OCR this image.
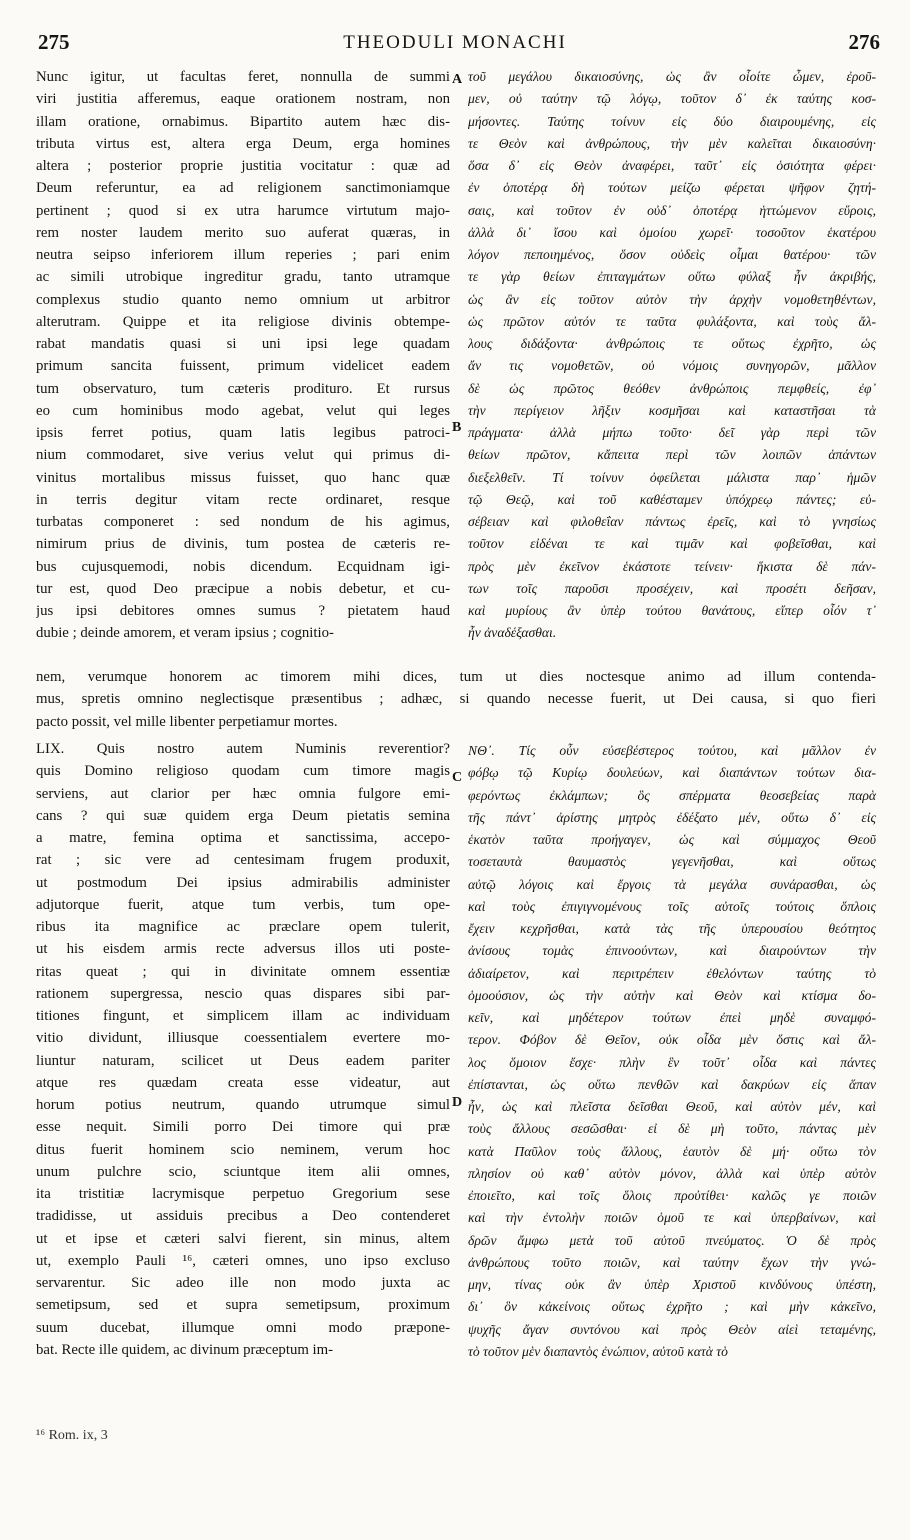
275	THEODULI MONACHI	276
A
B
C
D
Nunc igitur, ut facultas feret, nonnulla de summi
viri justitia afferemus, eaque orationem nostram, non
illam oratione, ornabimus. Bipartito autem hæc dis-
tributa virtus est, altera erga Deum, erga homines
altera ; posterior proprie justitia vocitatur : quæ ad
Deum referuntur, ea ad religionem sanctimoniamque
pertinent ; quod si ex utra harumce virtutum majo-
rem noster laudem merito suo auferat quæras, in
neutra seipso inferiorem illum reperies ; pari enim
ac simili utrobique ingreditur gradu, tanto utramque
complexus studio quanto nemo omnium ut arbitror
alterutram. Quippe et ita religiose divinis obtempe-
rabat mandatis quasi si uni ipsi lege quadam
primum sancita fuissent, primum videlicet eadem
tum observaturo, tum cæteris proditurо. Et rursus
eo cum hominibus modo agebat, velut qui leges
ipsis ferret potius, quam latis legibus patroci-
nium commodaret, sive verius velut qui primus di-
vinitus mortalibus missus fuisset, quo hanc quæ
in terris degitur vitam recte ordinaret, resque
turbatas componeret : sed nondum de his agimus,
nimirum prius de divinis, tum postea de cæteris re-
bus cujusquemodi, nobis dicendum. Ecquidnam igi-
tur est, quod Deo præcipue a nobis debetur, et cu-
jus ipsi debitores omnes sumus ? pietatem haud
dubie ; deinde amorem, et veram ipsius ; cognitio-
τοῦ μεγάλου δικαιοσύνης, ὡς ἂν οἷοίτε ὦμεν, ἐροῦ-
μεν, οὐ ταύτην τῷ λόγῳ, τοῦτον δ᾽ ἐκ ταύτης κοσ-
μήσοντες. Ταύτης τοίνυν εἰς δύο διαιρουμένης, εἰς
τε Θεὸν καὶ ἀνθρώπους, τὴν μὲν καλεῖται δικαιοσύνη·
ὅσα δ᾽ εἰς Θεὸν ἀναφέρει, ταῦτ᾽ εἰς ὁσιότητα φέρει·
ἐν ὁποτέρᾳ δὴ τούτων μείζω φέρεται ψῆφον ζητή-
σαις, καὶ τοῦτον ἐν οὐδ᾽ ὁποτέρᾳ ἡττώμενον εὕροις,
ἀλλὰ δι᾽ ἴσου καὶ ὁμοίου χωρεῖ· τοσοῦτον ἑκατέρου
λόγον πεποιημένος, ὅσον οὐδεὶς οἶμαι θατέρου· τῶν
τε γὰρ θείων ἐπιταγμάτων οὕτω φύλαξ ἦν ἀκριβής,
ὡς ἂν εἰς τοῦτον αὐτὸν τὴν ἀρχὴν νομοθετηθέντων,
ὡς πρῶτον αὐτόν τε ταῦτα φυλάξοντα, καὶ τοὺς ἄλ-
λους διδάξοντα· ἀνθρώποις τε οὕτως ἐχρῆτο, ὡς
ἄν τις νομοθετῶν, οὐ νόμοις συνηγορῶν, μᾶλλον
δὲ ὡς πρῶτος θεόθεν ἀνθρώποις πεμφθείς, ἐφ᾽
τὴν περίγειον λῆξιν κοσμῆσαι καὶ καταστῆσαι τὰ
πράγματα· ἀλλὰ μήπω τοῦτο· δεῖ γὰρ περὶ τῶν
θείων πρῶτον, κἄπειτα περὶ τῶν λοιπῶν ἁπάντων
διεξελθεῖν. Τί τοίνυν ὀφείλεται μάλιστα παρ᾽ ἡμῶν
τῷ Θεῷ, καὶ τοῦ καθέσταμεν ὑπόχρεῳ πάντες; εὐ-
σέβειαν καὶ φιλοθεΐαν πάντως ἐρεῖς, καὶ τὸ γνησίως
τοῦτον εἰδέναι τε καὶ τιμᾶν καὶ φοβεῖσθαι, καὶ
πρὸς μὲν ἐκεῖνον ἑκάστοτε τείνειν· ἥκιστα δὲ πάν-
των τοῖς παροῦσι προσέχειν, καὶ προσέτι δεῆσαν,
καὶ μυρίους ἂν ὑπὲρ τούτου θανάτους, εἴπερ οἷόν τ᾽
ἦν ἀναδέξασθαι.
nem, verumque honorem ac timorem mihi dices, tum ut dies noctesque animo ad illum contenda-
mus, spretis omnino neglectisque præsentibus ; adhæc, si quando necesse fuerit, ut Dei causa, si quo fieri
pacto possit, vel mille libenter perpetiamur mortes.
LIX. Quis nostro autem Numinis reverentior?
quis Domino religioso quodam cum timore magis
serviens, aut clarior per hæc omnia fulgore emi-
cans ? qui suæ quidem erga Deum pietatis semina
a matre, femina optima et sanctissima, accepo-
rat ; sic vere ad centesimam frugem produxit,
ut postmodum Dei ipsius admirabilis administer
adjutorque fuerit, atque tum verbis, tum ope-
ribus ita magnifice ac præclare opem tulerit,
ut his eisdem armis recte adversus illos uti poste-
ritas queat ; qui in divinitate omnem essentiæ
rationem supergressa, nescio quas dispares sibi par-
titiones fingunt, et simplicem illam ac individuam
vitio dividunt, illiusque coessentialem evertere mo-
liuntur naturam, scilicet ut Deus eadem pariter
atque res quædam creata esse videatur, aut
horum potius neutrum, quando utrumque simul
esse nequit. Simili porro Dei timore qui præ
ditus fuerit hominem scio neminem, verum hoc
unum pulchre scio, sciuntque item alii omnes,
ita tristitiæ lacrymisque perpetuo Gregorium sese
tradidisse, ut assiduis precibus a Deo contenderet
ut et ipse et cæteri salvi fierent, sin minus, altem
ut, exemplo Pauli ¹⁶, cæteri omnes, uno ipso excluso
servarentur. Sic adeo ille non modo juxta ac
semetipsum, sed et supra semetipsum, proximum
suum ducebat, illumque omni modo præpone-
bat. Recte ille quidem, ac divinum præceptum im-
ΝΘ᾽. Τίς οὖν εὐσεβέστερος τούτου, καὶ μᾶλλον ἐν
φόβῳ τῷ Κυρίῳ δουλεύων, καὶ διαπάντων τούτων δια-
φερόντως ἐκλάμπων; ὃς σπέρματα θεοσεβείας παρὰ
τῆς πάντ᾽ ἀρίστης μητρὸς ἐδέξατο μέν, οὕτω δ᾽ εἰς
ἑκατὸν ταῦτα προήγαγεν, ὡς καὶ σύμμαχος Θεοῦ
τοσεταυτὰ θαυμαστὸς γεγενῆσθαι, καὶ οὕτως
αὐτῷ λόγοις καὶ ἔργοις τὰ μεγάλα συνάρασθαι, ὡς
καὶ τοὺς ἐπιγιγνομένους τοῖς αὐτοῖς τούτοις ὅπλοις
ἔχειν κεχρῆσθαι, κατὰ τὰς τῆς ὑπερουσίου θεότητος
ἀνίσους τομὰς ἐπινοούντων, καὶ διαιρούντων τὴν
ἀδιαίρετον, καὶ περιτρέπειν ἐθελόντων ταύτης τὸ
ὁμοούσιον, ὡς τὴν αὐτὴν καὶ Θεὸν καὶ κτίσμα δο-
κεῖν, καὶ μηδέτερον τούτων ἐπεὶ μηδὲ συναμφό-
τερον. Φόβον δὲ Θεῖον, οὐκ οἶδα μὲν ὅστις καὶ ἄλ-
λος ὅμοιον ἔσχε· πλὴν ἓν τοῦτ᾽ οἶδα καὶ πάντες
ἐπίστανται, ὡς οὕτω πενθῶν καὶ δακρύων εἰς ἅπαν
ἦν, ὡς καὶ πλεῖστα δεῖσθαι Θεοῦ, καὶ αὐτὸν μέν, καὶ
τοὺς ἄλλους σεσῶσθαι· εἰ δὲ μὴ τοῦτο, πάντας μὲν
κατὰ Παῦλον τοὺς ἄλλους, ἑαυτὸν δὲ μή· οὕτω τὸν
πλησίον οὐ καθ᾽ αὐτὸν μόνον, ἀλλὰ καὶ ὑπὲρ αὐτὸν
ἐποιεῖτο, καὶ τοῖς ὅλοις προὐτίθει· καλῶς γε ποιῶν
καὶ τὴν ἐντολὴν ποιῶν ὁμοῦ τε καὶ ὑπερβαίνων, καὶ
δρῶν ἄμφω μετὰ τοῦ αὐτοῦ πνεύματος. Ὁ δὲ πρὸς
ἀνθρώπους τοῦτο ποιῶν, καὶ ταύτην ἔχων τὴν γνώ-
μην, τίνας οὐκ ἂν ὑπὲρ Χριστοῦ κινδύνους ὑπέστη,
δι᾽ ὃν κἀκείνοις οὕτως ἐχρῆτο ; καὶ μὴν κἀκεῖνο,
ψυχῆς ἄγαν συντόνου καὶ πρὸς Θεὸν αἰεὶ τεταμένης,
τὸ τοῦτον μὲν διαπαντὸς ἐνώπιον, αὐτοῦ κατὰ τὸ
¹⁶ Rom. ix, 3
